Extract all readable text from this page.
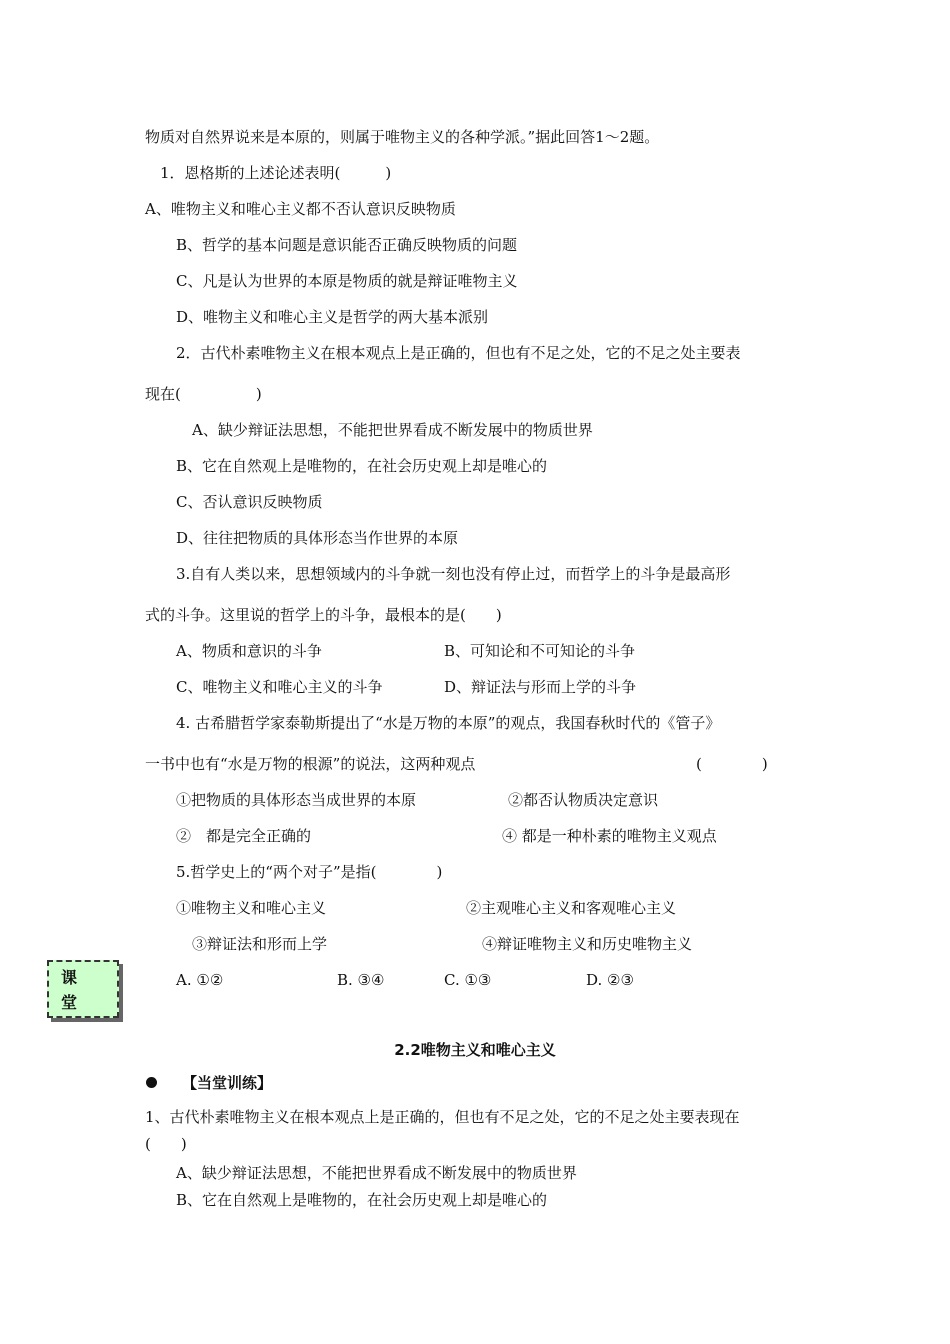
物质对自然界说来是本原的，则属于唯物主义的各种学派。”据此回答1～2题。
1．恩格斯的上述论述表明(　　　)
A、唯物主义和唯心主义都不否认意识反映物质
B、哲学的基本问题是意识能否正确反映物质的问题
C、凡是认为世界的本原是物质的就是辩证唯物主义
D、唯物主义和唯心主义是哲学的两大基本派别
2．古代朴素唯物主义在根本观点上是正确的，但也有不足之处，它的不足之处主要表
现在(　　　　　)
A、缺少辩证法思想，不能把世界看成不断发展中的物质世界
B、它在自然观上是唯物的，在社会历史观上却是唯心的
C、否认意识反映物质
D、往往把物质的具体形态当作世界的本原
3.自有人类以来，思想领域内的斗争就一刻也没有停止过，而哲学上的斗争是最高形
式的斗争。这里说的哲学上的斗争，最根本的是(　　)
A、物质和意识的斗争	B、可知论和不可知论的斗争
C、唯物主义和唯心主义的斗争	D、辩证法与形而上学的斗争
4. 古希腊哲学家泰勒斯提出了“水是万物的本原”的观点，我国春秋时代的《管子》
一书中也有“水是万物的根源”的说法，这两种观点	(　　　　)
①把物质的具体形态当成世界的本原	②都否认物质决定意识
②　都是完全正确的	④ 都是一种朴素的唯物主义观点
5.哲学史上的“两个对子”是指(　　　　)
①唯物主义和唯心主义	②主观唯心主义和客观唯心主义
③辩证法和形而上学	④辩证唯物主义和历史唯物主义
A. ①②	B. ③④	C. ①③	D. ②③
课
堂
2.2唯物主义和唯心主义
【当堂训练】
1、古代朴素唯物主义在根本观点上是正确的，但也有不足之处，它的不足之处主要表现在
(　　)
A、缺少辩证法思想，不能把世界看成不断发展中的物质世界
B、它在自然观上是唯物的，在社会历史观上却是唯心的
